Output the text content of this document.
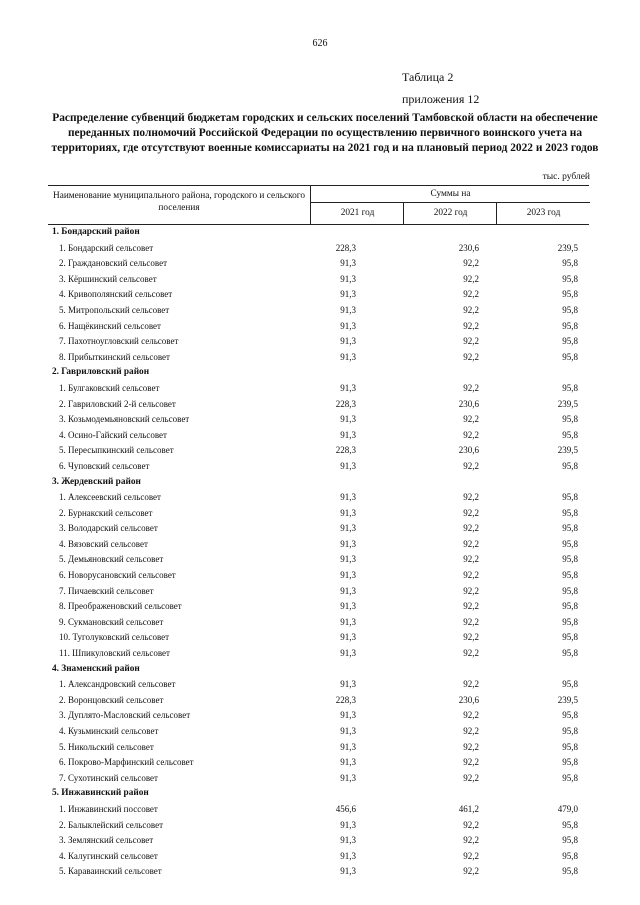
626
Таблица 2
приложения 12
Распределение субвенций бюджетам городских и сельских поселений Тамбовской области на обеспечение переданных полномочий Российской Федерации по осуществлению первичного воинского учета на территориях, где отсутствуют военные комиссариаты на 2021 год и на плановый период 2022 и 2023 годов
тыс. рублей
Наименование муниципального района, городского и сельского поселения
Суммы на
2021 год	2022 год	2023 год
1. Бондарский район
1. Бондарский сельсовет	228,3	230,6	239,5
2. Граждановский сельсовет	91,3	92,2	95,8
3. Кёршинский сельсовет	91,3	92,2	95,8
4. Кривополянский сельсовет	91,3	92,2	95,8
5. Митропольский сельсовет	91,3	92,2	95,8
6. Нащёкинский сельсовет	91,3	92,2	95,8
7. Пахотноугловский сельсовет	91,3	92,2	95,8
8. Прибыткинский сельсовет	91,3	92,2	95,8
2. Гавриловский район
1. Булгаковский сельсовет	91,3	92,2	95,8
2. Гавриловский 2-й сельсовет	228,3	230,6	239,5
3. Козьмодемьяновский сельсовет	91,3	92,2	95,8
4. Осино-Гайский сельсовет	91,3	92,2	95,8
5. Пересыпкинский сельсовет	228,3	230,6	239,5
6. Чуповский сельсовет	91,3	92,2	95,8
3. Жердевский район
1. Алексеевский сельсовет	91,3	92,2	95,8
2. Бурнакский сельсовет	91,3	92,2	95,8
3. Володарский сельсовет	91,3	92,2	95,8
4. Вязовский сельсовет	91,3	92,2	95,8
5. Демьяновский сельсовет	91,3	92,2	95,8
6. Новорусановский сельсовет	91,3	92,2	95,8
7. Пичаевский сельсовет	91,3	92,2	95,8
8. Преображеновский сельсовет	91,3	92,2	95,8
9. Сукмановский сельсовет	91,3	92,2	95,8
10. Туголуковский сельсовет	91,3	92,2	95,8
11. Шпикуловский сельсовет	91,3	92,2	95,8
4. Знаменский район
1. Александровский сельсовет	91,3	92,2	95,8
2. Воронцовский сельсовет	228,3	230,6	239,5
3. Дуплято-Масловский сельсовет	91,3	92,2	95,8
4. Кузьминский сельсовет	91,3	92,2	95,8
5. Никольский сельсовет	91,3	92,2	95,8
6. Покрово-Марфинский сельсовет	91,3	92,2	95,8
7. Сухотинский сельсовет	91,3	92,2	95,8
5. Инжавинский район
1. Инжавинский поссовет	456,6	461,2	479,0
2. Балыклейский сельсовет	91,3	92,2	95,8
3. Землянский сельсовет	91,3	92,2	95,8
4. Калугинский сельсовет	91,3	92,2	95,8
5. Караваинский сельсовет	91,3	92,2	95,8
